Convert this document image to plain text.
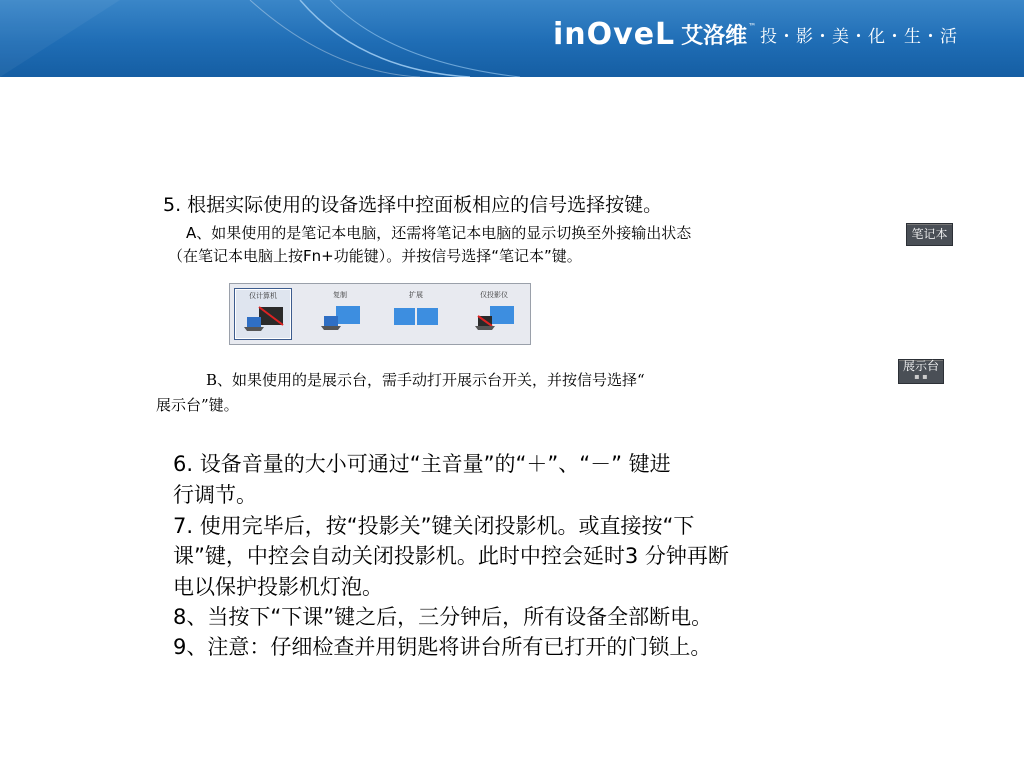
inOveL 艾洛维 ™
投・影・美・化・生・活
5. 根据实际使用的设备选择中控面板相应的信号选择按键。
A、如果使用的是笔记本电脑，还需将笔记本电脑的显示切换至外接输出状态
（在笔记本电脑上按Fn+功能键）。并按信号选择“笔记本”键。
笔记本
仅计算机	复制	扩展	仅投影仪
B、如果使用的是展示台，需手动打开展示台开关，并按信号选择“
展示台”键。
展示台
▪ ▪
6. 设备音量的大小可通过“主音量”的“＋”、“－” 键进
行调节。
7. 使用完毕后，按“投影关”键关闭投影机。或直接按“下
课”键，中控会自动关闭投影机。此时中控会延时3 分钟再断
电以保护投影机灯泡。
8、当按下“下课”键之后，三分钟后，所有设备全部断电。
9、注意：仔细检查并用钥匙将讲台所有已打开的门锁上。
